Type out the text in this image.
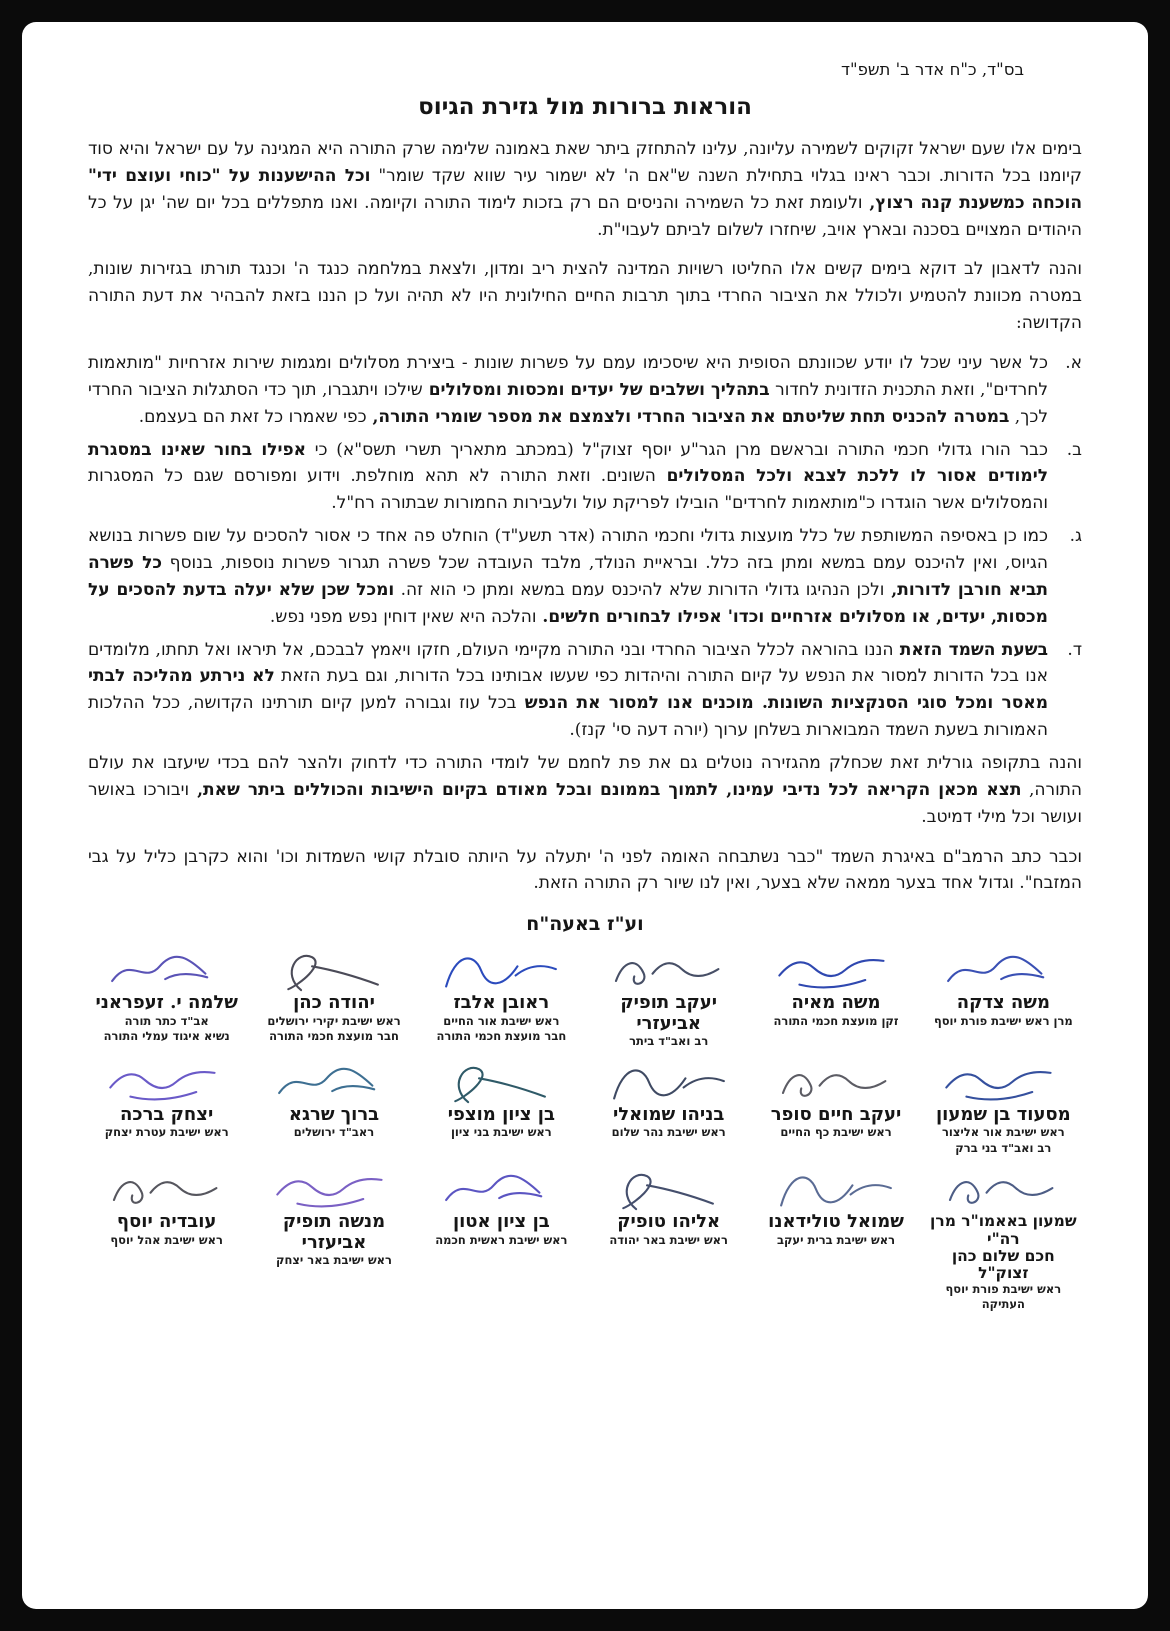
בס"ד, כ"ח אדר ב' תשפ"ד
הוראות ברורות מול גזירת הגיוס

בימים אלו שעם ישראל זקוקים לשמירה עליונה, עלינו להתחזק ביתר שאת באמונה שלימה שרק התורה היא המגינה על עם ישראל והיא סוד קיומנו בכל הדורות. וכבר ראינו בגלוי בתחילת השנה ש"אם ה' לא ישמור עיר שווא שקד שומר" וכל ההישענות על "כוחי ועוצם ידי" הוכחה כמשענת קנה רצוץ, ולעומת זאת כל השמירה והניסים הם רק בזכות לימוד התורה וקיומה. ואנו מתפללים בכל יום שה' יגן על כל היהודים המצויים בסכנה ובארץ אויב, שיחזרו לשלום לביתם לעבוי"ת.

והנה לדאבון לב דוקא בימים קשים אלו החליטו רשויות המדינה להצית ריב ומדון, ולצאת במלחמה כנגד ה' וכנגד תורתו בגזירות שונות, במטרה מכוונת להטמיע ולכולל את הציבור החרדי בתוך תרבות החיים החילונית היו לא תהיה ועל כן הננו בזאת להבהיר את דעת התורה הקדושה:

א.
כל אשר עיני שכל לו יודע שכוונתם הסופית היא שיסכימו עמם על פשרות שונות - ביצירת מסלולים ומגמות שירות אזרחיות "מותאמות לחרדים", וזאת התכנית הזדונית לחדור בתהליך ושלבים של יעדים ומכסות ומסלולים שילכו ויתגברו, תוך כדי הסתגלות הציבור החרדי לכך, במטרה להכניס תחת שליטתם את הציבור החרדי ולצמצם את מספר שומרי התורה, כפי שאמרו כל זאת הם בעצמם.
ב.
כבר הורו גדולי חכמי התורה ובראשם מרן הגר"ע יוסף זצוק"ל (במכתב מתאריך תשרי תשס"א) כי אפילו בחור שאינו במסגרת לימודים אסור לו ללכת לצבא ולכל המסלולים השונים. וזאת התורה לא תהא מוחלפת. וידוע ומפורסם שגם כל המסגרות והמסלולים אשר הוגדרו כ"מותאמות לחרדים" הובילו לפריקת עול ולעבירות החמורות שבתורה רח"ל.
ג.
כמו כן באסיפה המשותפת של כלל מועצות גדולי וחכמי התורה (אדר תשע"ד) הוחלט פה אחד כי אסור להסכים על שום פשרות בנושא הגיוס, ואין להיכנס עמם במשא ומתן בזה כלל. ובראיית הנולד, מלבד העובדה שכל פשרה תגרור פשרות נוספות, בנוסף כל פשרה תביא חורבן לדורות, ולכן הנהיגו גדולי הדורות שלא להיכנס עמם במשא ומתן כי הוא זה. ומכל שכן שלא יעלה בדעת להסכים על מכסות, יעדים, או מסלולים אזרחיים וכדו' אפילו לבחורים חלשים. והלכה היא שאין דוחין נפש מפני נפש.
ד.
בשעת השמד הזאת הננו בהוראה לכלל הציבור החרדי ובני התורה מקיימי העולם, חזקו ויאמץ לבבכם, אל תיראו ואל תחתו, מלומדים אנו בכל הדורות למסור את הנפש על קיום התורה והיהדות כפי שעשו אבותינו בכל הדורות, וגם בעת הזאת לא נירתע מהליכה לבתי מאסר ומכל סוגי הסנקציות השונות. מוכנים אנו למסור את הנפש בכל עוז וגבורה למען קיום תורתינו הקדושה, ככל ההלכות האמורות בשעת השמד המבוארות בשלחן ערוך (יורה דעה סי' קנז).

והנה בתקופה גורלית זאת שכחלק מהגזירה נוטלים גם את פת לחמם של לומדי התורה כדי לדחוק ולהצר להם בכדי שיעזבו את עולם התורה, תצא מכאן הקריאה לכל נדיבי עמינו, לתמוך בממונם ובכל מאודם בקיום הישיבות והכוללים ביתר שאת, ויבורכו באושר ועושר וכל מילי דמיטב.

וכבר כתב הרמב"ם באיגרת השמד "כבר נשתבחה האומה לפני ה' יתעלה על היותה סובלת קושי השמדות וכו' והוא כקרבן כליל על גבי המזבח". וגדול אחד בצער ממאה שלא בצער, ואין לנו שיור רק התורה הזאת.

וע"ז באעה"ח
משה צדקה
מרן ראש ישיבת פורת יוסף
משה מאיה
זקן מועצת חכמי התורה
יעקב תופיק אביעזרי
רב ואב"ד ביתר
ראובן אלבז
ראש ישיבת אור החיים
חבר מועצת חכמי התורה
יהודה כהן
ראש ישיבת יקירי ירושלים
חבר מועצת חכמי התורה
שלמה י. זעפראני
אב"ד כתר תורה
נשיא איגוד עמלי התורה
מסעוד בן שמעון
ראש ישיבת אור אליצור
רב ואב"ד בני ברק
יעקב חיים סופר
ראש ישיבת כף החיים
בניהו שמואלי
ראש ישיבת נהר שלום
בן ציון מוצפי
ראש ישיבת בני ציון
ברוך שרגא
ראב"ד ירושלים
יצחק ברכה
ראש ישיבת עטרת יצחק
שמעון באאמו"ר מרן רה"י
חכם שלום כהן זצוק"ל
ראש ישיבת פורת יוסף העתיקה
שמואל טולידאנו
ראש ישיבת ברית יעקב
אליהו טופיק
ראש ישיבת באר יהודה
בן ציון אטון
ראש ישיבת ראשית חכמה
מנשה תופיק
אביעזרי
ראש ישיבת באר יצחק
עובדיה יוסף
ראש ישיבת אהל יוסף
